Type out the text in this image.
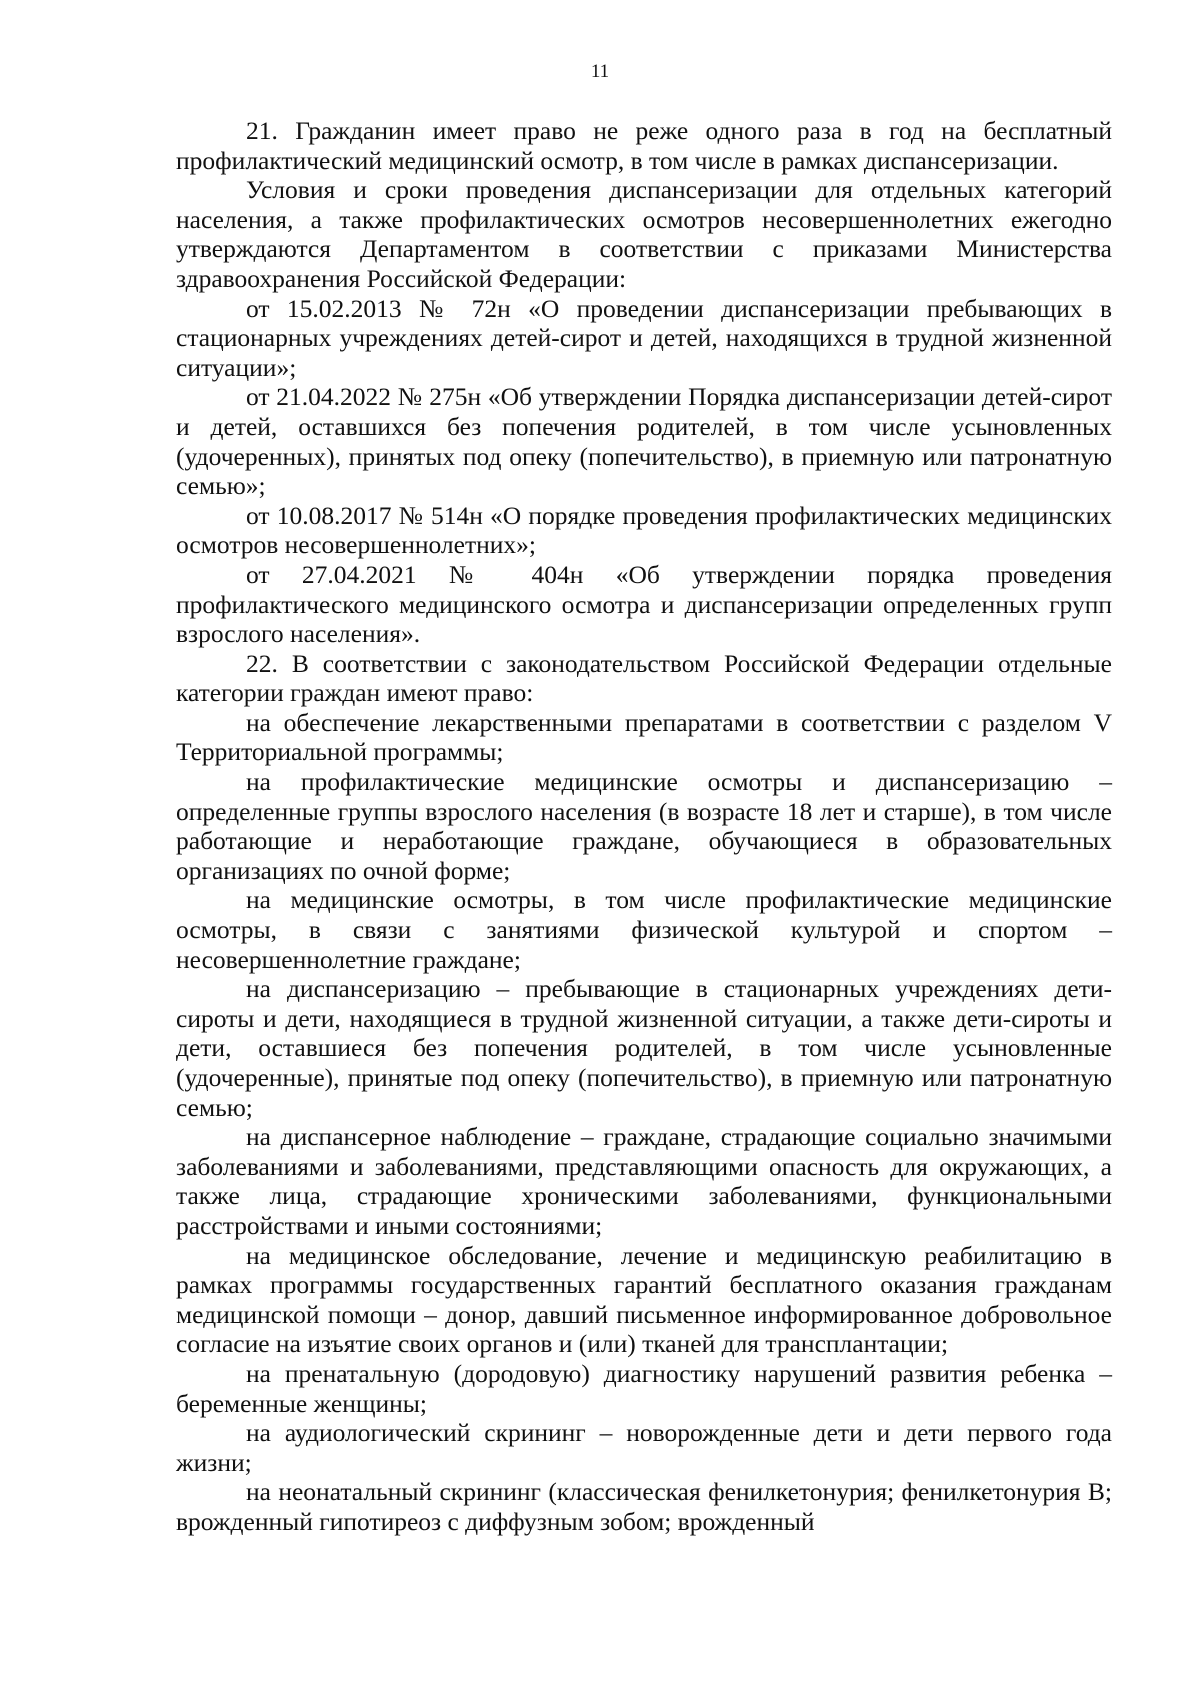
11

21. Гражданин имеет право не реже одного раза в год на бесплатный профилактический медицинский осмотр, в том числе в рамках диспансеризации.

Условия и сроки проведения диспансеризации для отдельных категорий населения, а также профилактических осмотров несовершеннолетних ежегодно утверждаются Департаментом в соответствии с приказами Министерства здравоохранения Российской Федерации:

от 15.02.2013 № 72н «О проведении диспансеризации пребывающих в стационарных учреждениях детей-сирот и детей, находящихся в трудной жизненной ситуации»;

от 21.04.2022 № 275н «Об утверждении Порядка диспансеризации детей-сирот и детей, оставшихся без попечения родителей, в том числе усыновленных (удочеренных), принятых под опеку (попечительство), в приемную или патронатную семью»;

от 10.08.2017 № 514н «О порядке проведения профилактических медицинских осмотров несовершеннолетних»;

от 27.04.2021 № 404н «Об утверждении порядка проведения профилактического медицинского осмотра и диспансеризации определенных групп взрослого населения».

22. В соответствии с законодательством Российской Федерации отдельные категории граждан имеют право:

на обеспечение лекарственными препаратами в соответствии с разделом V Территориальной программы;

на профилактические медицинские осмотры и диспансеризацию – определенные группы взрослого населения (в возрасте 18 лет и старше), в том числе работающие и неработающие граждане, обучающиеся в образовательных организациях по очной форме;

на медицинские осмотры, в том числе профилактические медицинские осмотры, в связи с занятиями физической культурой и спортом – несовершеннолетние граждане;

на диспансеризацию – пребывающие в стационарных учреждениях дети-сироты и дети, находящиеся в трудной жизненной ситуации, а также дети-сироты и дети, оставшиеся без попечения родителей, в том числе усыновленные (удочеренные), принятые под опеку (попечительство), в приемную или патронатную семью;

на диспансерное наблюдение – граждане, страдающие социально значимыми заболеваниями и заболеваниями, представляющими опасность для окружающих, а также лица, страдающие хроническими заболеваниями, функциональными расстройствами и иными состояниями;

на медицинское обследование, лечение и медицинскую реабилитацию в рамках программы государственных гарантий бесплатного оказания гражданам медицинской помощи – донор, давший письменное информированное добровольное согласие на изъятие своих органов и (или) тканей для трансплантации;

на пренатальную (дородовую) диагностику нарушений развития ребенка – беременные женщины;

на аудиологический скрининг – новорожденные дети и дети первого года жизни;

на неонатальный скрининг (классическая фенилкетонурия; фенилкетонурия В; врожденный гипотиреоз с диффузным зобом; врожденный
